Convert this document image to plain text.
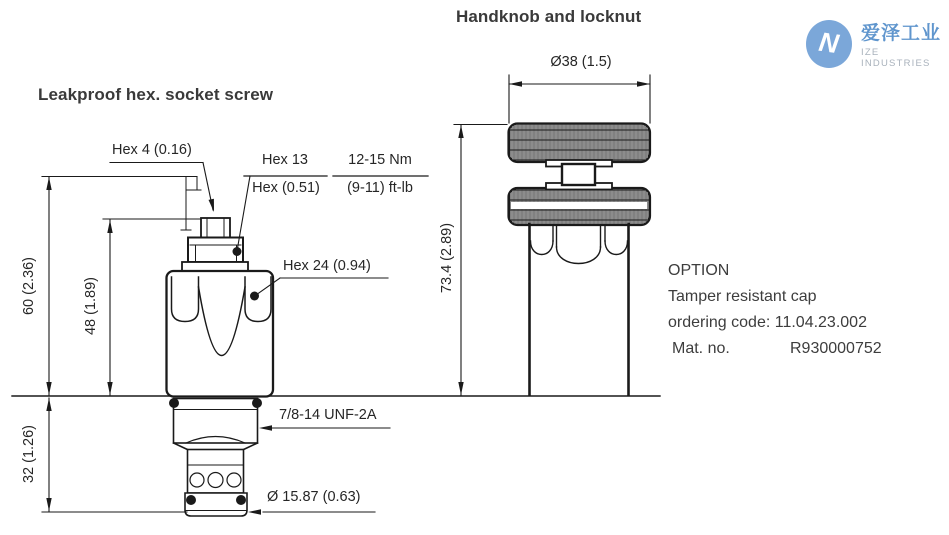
Leakproof hex. socket screw
Handknob and locknut
Hex 4 (0.16)
Hex 13
Hex (0.51)
12-15 Nm
(9-11) ft-lb
Hex 24 (0.94)
7/8-14 UNF-2A
Ø 15.87 (0.63)
Ø38 (1.5)
60 (2.36)	48 (1.89)
32 (1.26)
73.4 (2.89)	OPTION
Tamper resistant cap
ordering code: 11.04.23.002
Mat. no.	R930000752
N 爱泽工业
IZE INDUSTRIES
